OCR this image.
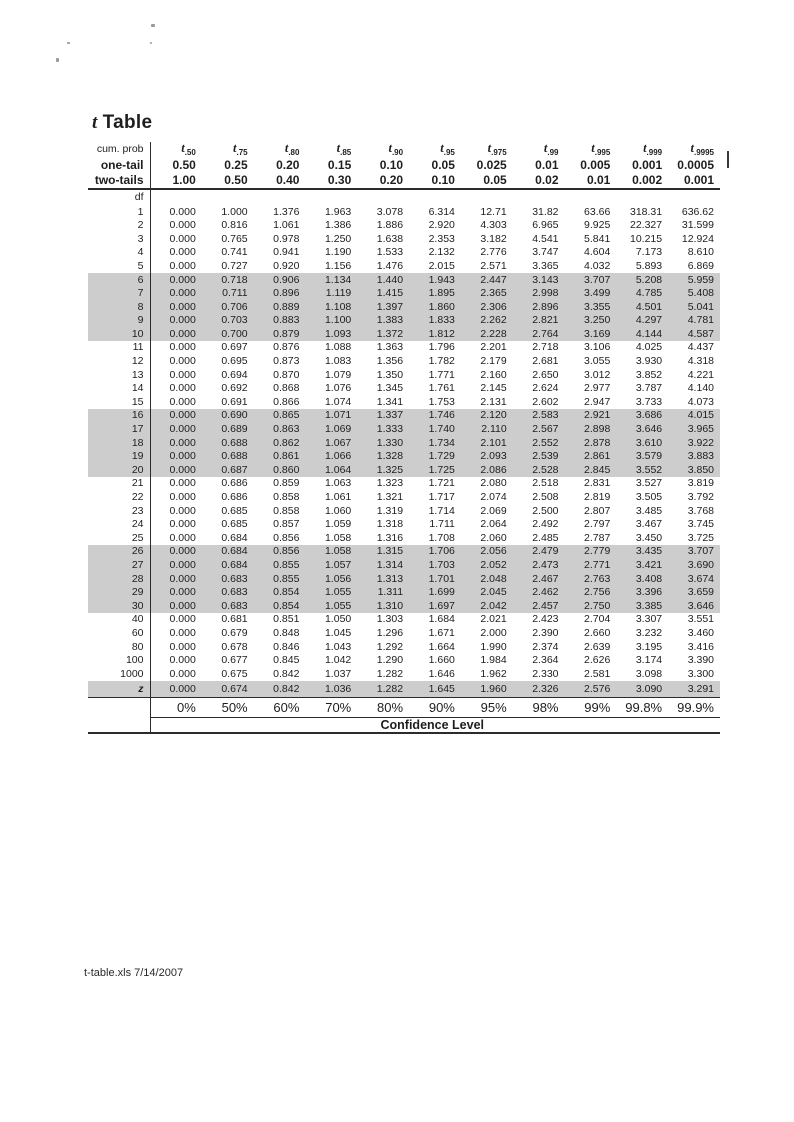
t Table
cum. prob	$t_{.50}$	$t_{.75}$	$t_{.80}$	$t_{.85}$	$t_{.90}$	$t_{.95}$	$t_{.975}$	$t_{.99}$	$t_{.995}$	$t_{.999}$	$t_{.9995}$
one-tail	0.50	0.25	0.20	0.15	0.10	0.05	0.025	0.01	0.005	0.001	0.0005
two-tails	1.00	0.50	0.40	0.30	0.20	0.10	0.05	0.02	0.01	0.002	0.001
df											
1	0.000	1.000	1.376	1.963	3.078	6.314	12.71	31.82	63.66	318.31	636.62
2	0.000	0.816	1.061	1.386	1.886	2.920	4.303	6.965	9.925	22.327	31.599
3	0.000	0.765	0.978	1.250	1.638	2.353	3.182	4.541	5.841	10.215	12.924
4	0.000	0.741	0.941	1.190	1.533	2.132	2.776	3.747	4.604	7.173	8.610
5	0.000	0.727	0.920	1.156	1.476	2.015	2.571	3.365	4.032	5.893	6.869
6	0.000	0.718	0.906	1.134	1.440	1.943	2.447	3.143	3.707	5.208	5.959
7	0.000	0.711	0.896	1.119	1.415	1.895	2.365	2.998	3.499	4.785	5.408
8	0.000	0.706	0.889	1.108	1.397	1.860	2.306	2.896	3.355	4.501	5.041
9	0.000	0.703	0.883	1.100	1.383	1.833	2.262	2.821	3.250	4.297	4.781
10	0.000	0.700	0.879	1.093	1.372	1.812	2.228	2.764	3.169	4.144	4.587
11	0.000	0.697	0.876	1.088	1.363	1.796	2.201	2.718	3.106	4.025	4.437
12	0.000	0.695	0.873	1.083	1.356	1.782	2.179	2.681	3.055	3.930	4.318
13	0.000	0.694	0.870	1.079	1.350	1.771	2.160	2.650	3.012	3.852	4.221
14	0.000	0.692	0.868	1.076	1.345	1.761	2.145	2.624	2.977	3.787	4.140
15	0.000	0.691	0.866	1.074	1.341	1.753	2.131	2.602	2.947	3.733	4.073
16	0.000	0.690	0.865	1.071	1.337	1.746	2.120	2.583	2.921	3.686	4.015
17	0.000	0.689	0.863	1.069	1.333	1.740	2.110	2.567	2.898	3.646	3.965
18	0.000	0.688	0.862	1.067	1.330	1.734	2.101	2.552	2.878	3.610	3.922
19	0.000	0.688	0.861	1.066	1.328	1.729	2.093	2.539	2.861	3.579	3.883
20	0.000	0.687	0.860	1.064	1.325	1.725	2.086	2.528	2.845	3.552	3.850
21	0.000	0.686	0.859	1.063	1.323	1.721	2.080	2.518	2.831	3.527	3.819
22	0.000	0.686	0.858	1.061	1.321	1.717	2.074	2.508	2.819	3.505	3.792
23	0.000	0.685	0.858	1.060	1.319	1.714	2.069	2.500	2.807	3.485	3.768
24	0.000	0.685	0.857	1.059	1.318	1.711	2.064	2.492	2.797	3.467	3.745
25	0.000	0.684	0.856	1.058	1.316	1.708	2.060	2.485	2.787	3.450	3.725
26	0.000	0.684	0.856	1.058	1.315	1.706	2.056	2.479	2.779	3.435	3.707
27	0.000	0.684	0.855	1.057	1.314	1.703	2.052	2.473	2.771	3.421	3.690
28	0.000	0.683	0.855	1.056	1.313	1.701	2.048	2.467	2.763	3.408	3.674
29	0.000	0.683	0.854	1.055	1.311	1.699	2.045	2.462	2.756	3.396	3.659
30	0.000	0.683	0.854	1.055	1.310	1.697	2.042	2.457	2.750	3.385	3.646
40	0.000	0.681	0.851	1.050	1.303	1.684	2.021	2.423	2.704	3.307	3.551
60	0.000	0.679	0.848	1.045	1.296	1.671	2.000	2.390	2.660	3.232	3.460
80	0.000	0.678	0.846	1.043	1.292	1.664	1.990	2.374	2.639	3.195	3.416
100	0.000	0.677	0.845	1.042	1.290	1.660	1.984	2.364	2.626	3.174	3.390
1000	0.000	0.675	0.842	1.037	1.282	1.646	1.962	2.330	2.581	3.098	3.300
z	0.000	0.674	0.842	1.036	1.282	1.645	1.960	2.326	2.576	3.090	3.291
	0%	50%	60%	70%	80%	90%	95%	98%	99%	99.8%	99.9%
	Confidence Level										
t-table.xls 7/14/2007
